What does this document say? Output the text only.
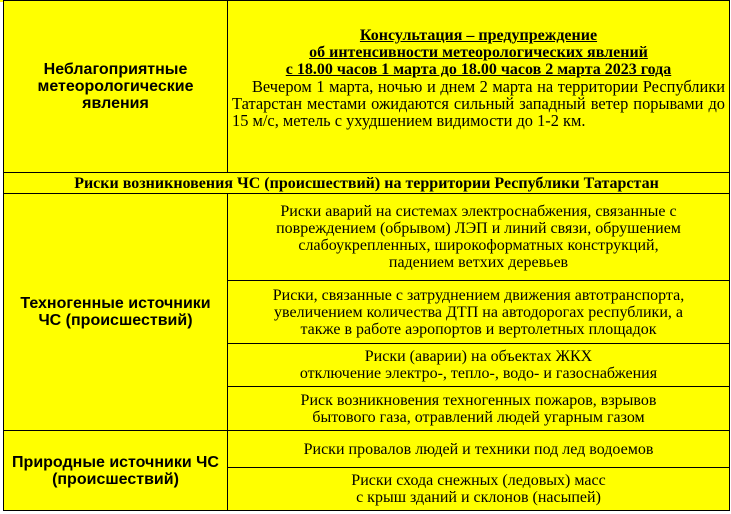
Неблагоприятные метеорологические явления	Консультация – предупреждение
об интенсивности метеорологических явлений
с 18.00 часов 1 марта до 18.00 часов 2 марта 2023 года
Вечером 1 марта, ночью и днем 2 марта на территории Республики Татарстан местами ожидаются сильный западный ветер порывами до 15 м/с, метель с ухудшением видимости до 1-2 км.

Риски возникновения ЧС (происшествий) на территории Республики Татарстан	
Техногенные источники ЧС (происшествий)	Риски аварий на системах электроснабжения, связанные с
повреждением (обрывом) ЛЭП и линий связи, обрушением
слабоукрепленных, широкоформатных конструкций,
падением ветхих деревьев

	Риски, связанные с затруднением движения автотранспорта,
увеличением количества ДТП на автодорогах республики, а
также в работе аэропортов и вертолетных площадок

	Риски (аварии) на объектах ЖКХ
отключение электро-, тепло-, водо- и газоснабжения

	Риск возникновения техногенных пожаров, взрывов
бытового газа, отравлений людей угарным газом

Природные источники ЧС (происшествий)	Риски провалов людей и техники под лед водоемов

	Риски схода снежных (ледовых) масс
с крыш зданий и склонов (насыпей)
